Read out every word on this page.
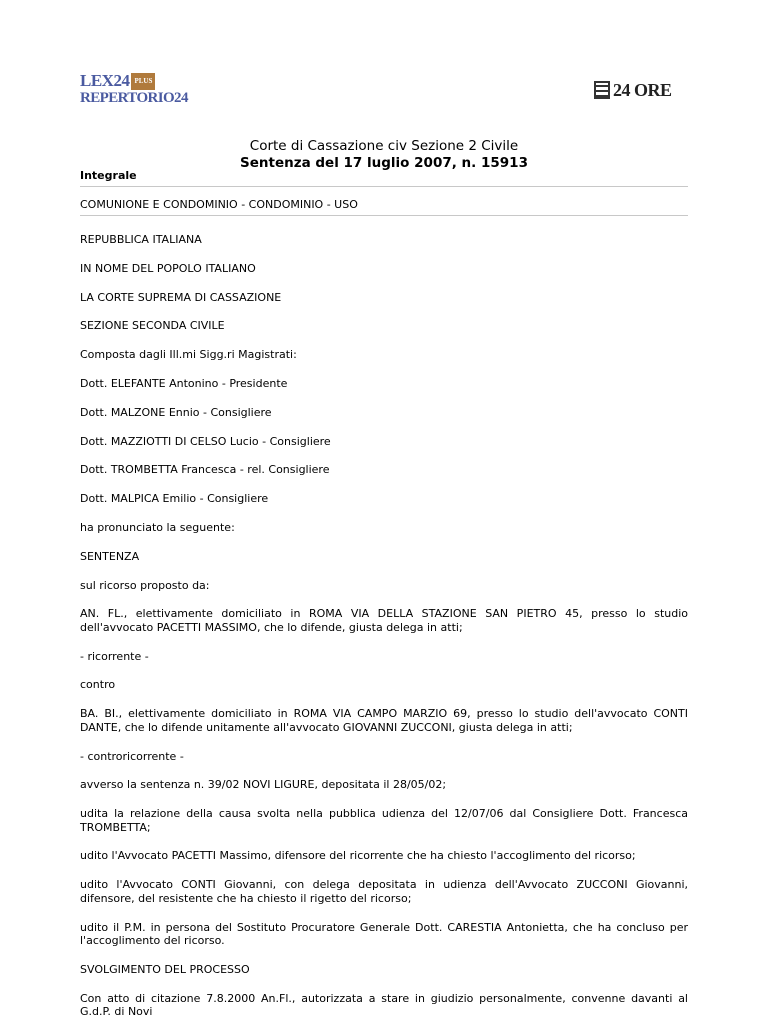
LEX24 PLUS
REPERTORIO24	24 ORE
Corte di Cassazione civ Sezione 2 Civile
Sentenza del 17 luglio 2007, n. 15913
Integrale
COMUNIONE E CONDOMINIO - CONDOMINIO - USO

REPUBBLICA ITALIANA

IN NOME DEL POPOLO ITALIANO

LA CORTE SUPREMA DI CASSAZIONE

SEZIONE SECONDA CIVILE

Composta dagli Ill.mi Sigg.ri Magistrati:

Dott. ELEFANTE Antonino - Presidente

Dott. MALZONE Ennio - Consigliere

Dott. MAZZIOTTI DI CELSO Lucio - Consigliere

Dott. TROMBETTA Francesca - rel. Consigliere

Dott. MALPICA Emilio - Consigliere

ha pronunciato la seguente:

SENTENZA

sul ricorso proposto da:

AN. FL., elettivamente domiciliato in ROMA VIA DELLA STAZIONE SAN PIETRO 45, presso lo studio dell'avvocato PACETTI MASSIMO, che lo difende, giusta delega in atti;

- ricorrente -

contro

BA. BI., elettivamente domiciliato in ROMA VIA CAMPO MARZIO 69, presso lo studio dell'avvocato CONTI DANTE, che lo difende unitamente all'avvocato GIOVANNI ZUCCONI, giusta delega in atti;

- controricorrente -

avverso la sentenza n. 39/02 NOVI LIGURE, depositata il 28/05/02;

udita la relazione della causa svolta nella pubblica udienza del 12/07/06 dal Consigliere Dott. Francesca TROMBETTA;

udito l'Avvocato PACETTI Massimo, difensore del ricorrente che ha chiesto l'accoglimento del ricorso;

udito l'Avvocato CONTI Giovanni, con delega depositata in udienza dell'Avvocato ZUCCONI Giovanni, difensore, del resistente che ha chiesto il rigetto del ricorso;

udito il P.M. in persona del Sostituto Procuratore Generale Dott. CARESTIA Antonietta, che ha concluso per l'accoglimento del ricorso.

SVOLGIMENTO DEL PROCESSO

Con atto di citazione 7.8.2000 An.Fl., autorizzata a stare in giudizio personalmente, convenne davanti al G.d.P. di Novi
